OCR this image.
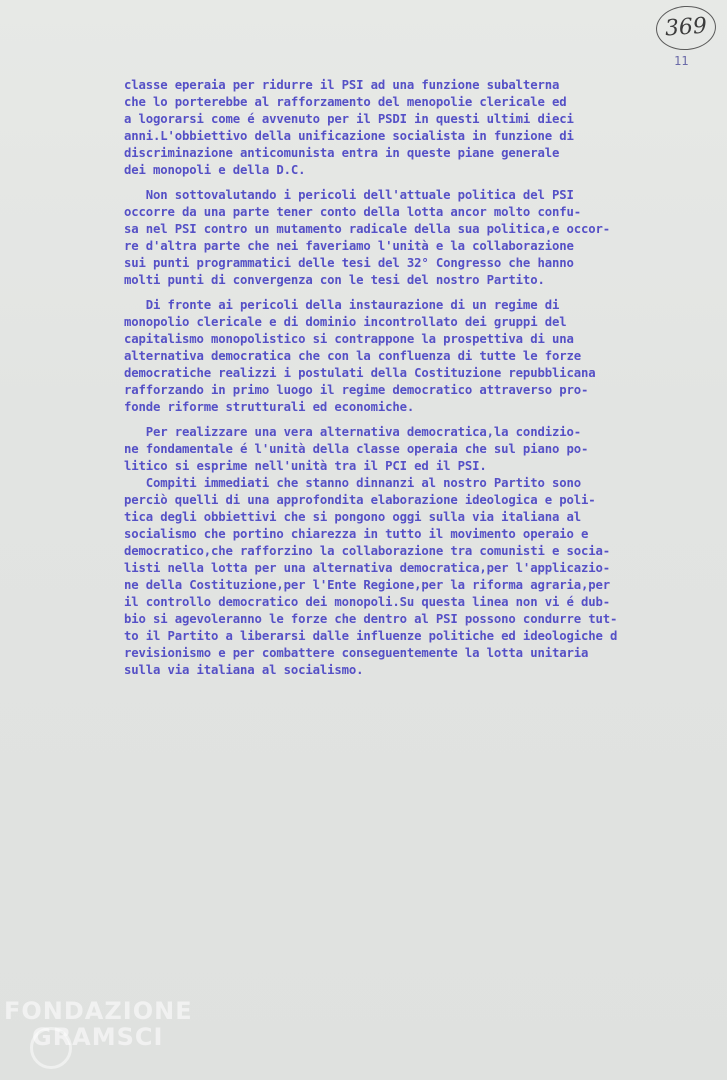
369
11
classe eperaia per ridurre il PSI ad una funzione subalterna
che lo porterebbe al rafforzamento del menopolie clericale ed
a logorarsi come é avvenuto per il PSDI in questi ultimi dieci
anni.L'obbiettivo della unificazione socialista in funzione di
discriminazione anticomunista entra in queste piane generale
dei monopoli e della D.C.
Non sottovalutando i pericoli dell'attuale politica del PSI
occorre da una parte tener conto della lotta ancor molto confu-
sa nel PSI contro un mutamento radicale della sua politica,e occor-
re d'altra parte che nei faveriamo l'unità e la collaborazione
sui punti programmatici delle tesi del 32° Congresso che hanno
molti punti di convergenza con le tesi del nostro Partito.
Di fronte ai pericoli della instaurazione di un regime di
monopolio clericale e di dominio incontrollato dei gruppi del
capitalismo monopolistico si contrappone la prospettiva di una
alternativa democratica che con la confluenza di tutte le forze
democratiche realizzi i postulati della Costituzione repubblicana
rafforzando in primo luogo il regime democratico attraverso pro-
fonde riforme strutturali ed economiche.
Per realizzare una vera alternativa democratica,la condizio-
ne fondamentale é l'unità della classe operaia che sul piano po-
litico si esprime nell'unità tra il PCI ed il PSI.
Compiti immediati che stanno dinnanzi al nostro Partito sono
perciò quelli di una approfondita elaborazione ideologica e poli-
tica degli obbiettivi che si pongono oggi sulla via italiana al
socialismo che portino chiarezza in tutto il movimento operaio e
democratico,che rafforzino la collaborazione tra comunisti e socia-
listi nella lotta per una alternativa democratica,per l'applicazio-
ne della Costituzione,per l'Ente Regione,per la riforma agraria,per
il controllo democratico dei monopoli.Su questa linea non vi é dub-
bio si agevoleranno le forze che dentro al PSI possono condurre tut-
to il Partito a liberarsi dalle influenze politiche ed ideologiche d
revisionismo e per combattere conseguentemente la lotta unitaria
sulla via italiana al socialismo.
FONDAZIONE
GRAMSCI
